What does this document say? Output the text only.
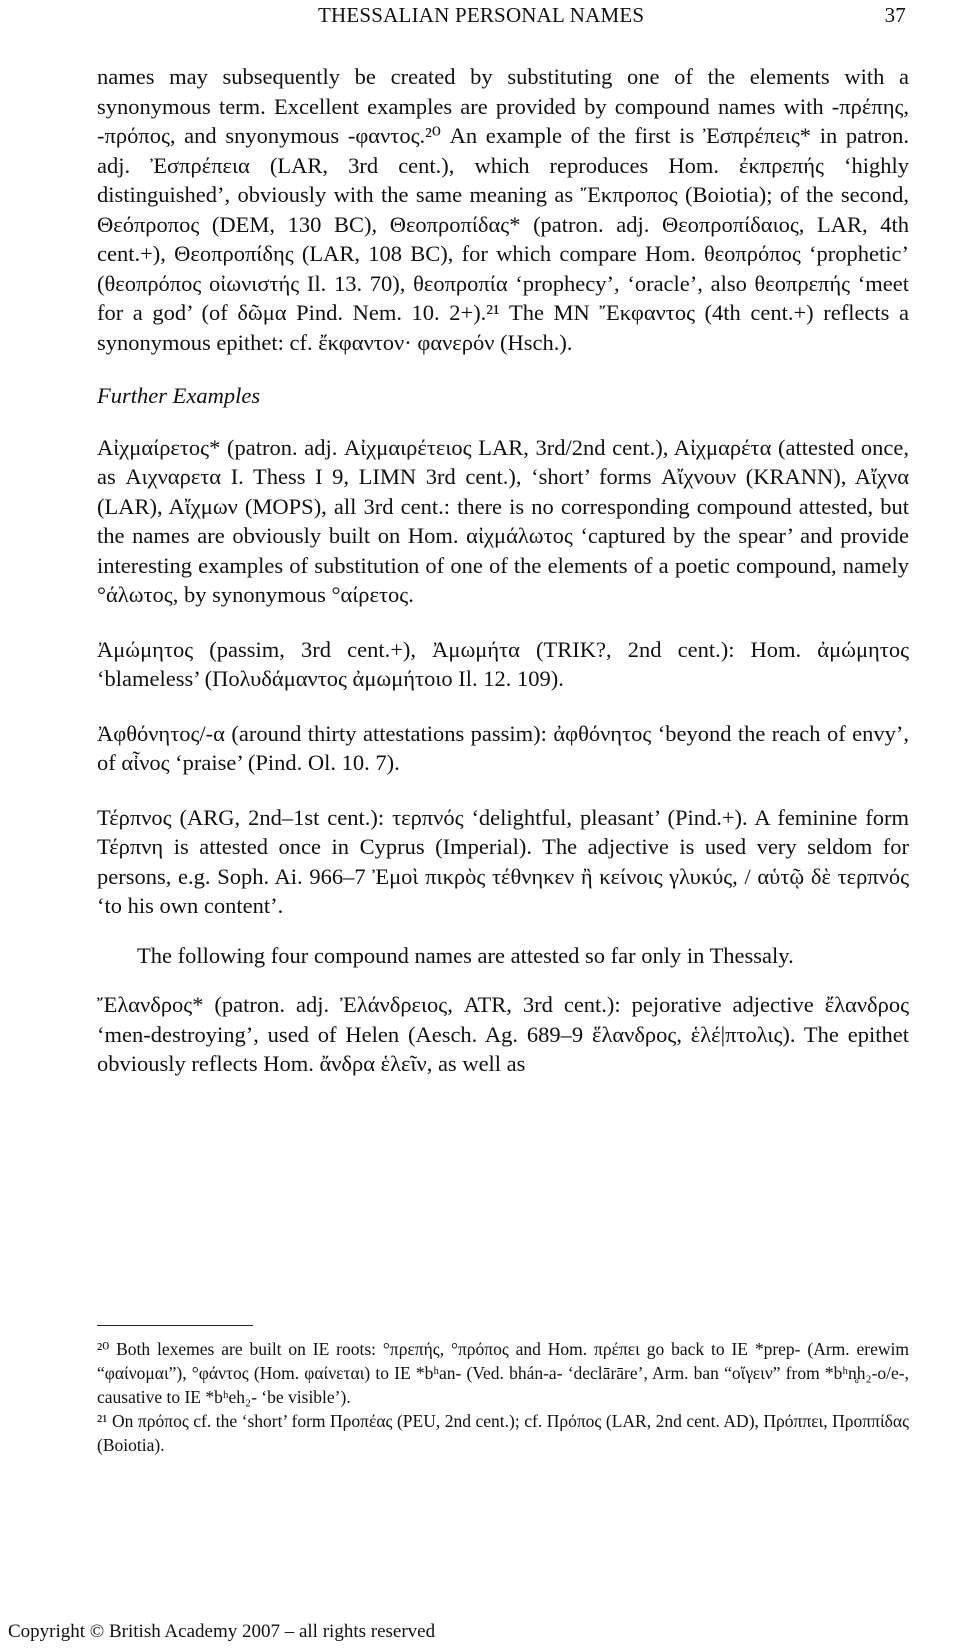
THESSALIAN PERSONAL NAMES	37

names may subsequently be created by substituting one of the elements with a synonymous term. Excellent examples are provided by compound names with -πρέπης, -πρόπος, and snyonymous -φαντος.²⁰ An example of the first is Ἐσπρέπεις* in patron. adj. Ἐσπρέπεια (LAR, 3rd cent.), which reproduces Hom. ἐκπρεπής ‘highly distinguished’, obviously with the same meaning as Ἔκπροπος (Boiotia); of the second, Θεόπροπος (DEM, 130 BC), Θεοπροπίδας* (patron. adj. Θεοπροπίδαιος, LAR, 4th cent.+), Θεοπροπίδης (LAR, 108 BC), for which compare Hom. θεοπρόπος ‘prophetic’ (θεοπρόπος οἰωνιστής Il. 13. 70), θεοπροπία ‘prophecy’, ‘oracle’, also θεοπρεπής ‘meet for a god’ (of δῶμα Pind. Nem. 10. 2+).²¹ The MN Ἔκφαντος (4th cent.+) reflects a synonymous epithet: cf. ἔκφαντον· φανερόν (Hsch.).

Further Examples

Αἰχμαίρετος* (patron. adj. Αἰχμαιρέτειος LAR, 3rd/2nd cent.), Αἰχμαρέτα (attested once, as Αιχναρετα I. Thess I 9, LIMN 3rd cent.), ‘short’ forms Αἴχνουν (KRANN), Αἴχνα (LAR), Αἴχμων (MOPS), all 3rd cent.: there is no corresponding compound attested, but the names are obviously built on Hom. αἰχμάλωτος ‘captured by the spear’ and provide interesting examples of substitution of one of the elements of a poetic compound, namely °άλωτος, by synonymous °αίρετος.

Ἀμώμητος (passim, 3rd cent.+), Ἀμωμήτα (TRIK?, 2nd cent.): Hom. ἀμώμητος ‘blameless’ (Πολυδάμαντος ἀμωμήτοιο Il. 12. 109).

Ἀφθόνητος/-α (around thirty attestations passim): ἀφθόνητος ‘beyond the reach of envy’, of αἶνος ‘praise’ (Pind. Ol. 10. 7).

Τέρπνος (ARG, 2nd–1st cent.): τερπνός ‘delightful, pleasant’ (Pind.+). A feminine form Τέρπνη is attested once in Cyprus (Imperial). The adjective is used very seldom for persons, e.g. Soph. Ai. 966–7 Ἐμοὶ πικρὸς τέθνηκεν ἢ κείνοις γλυκύς, / αὑτῷ δὲ τερπνός ‘to his own content’.

The following four compound names are attested so far only in Thessaly.

Ἔλανδρος* (patron. adj. Ἐλάνδρειος, ATR, 3rd cent.): pejorative adjective ἔλανδρος ‘men-destroying’, used of Helen (Aesch. Ag. 689–9 ἕλανδρος, ἑλέ|πτολις). The epithet obviously reflects Hom. ἄνδρα ἑλεῖν, as well as

²⁰ Both lexemes are built on IE roots: °πρεπής, °πρόπος and Hom. πρέπει go back to IE *prep- (Arm. erewim “φαίνομαι”), °φάντος (Hom. φαίνεται) to IE *bʰan- (Ved. bhán-a- ‘declārāre’, Arm. ban “οἴγειν” from *bʰn̥h₂-o/e-, causative to IE *bʰeh₂- ‘be visible’).

²¹ On πρόπος cf. the ‘short’ form Προπέας (PEU, 2nd cent.); cf. Πρόπος (LAR, 2nd cent. AD), Πρόππει, Προππίδας (Boiotia).

Copyright © British Academy 2007 – all rights reserved
